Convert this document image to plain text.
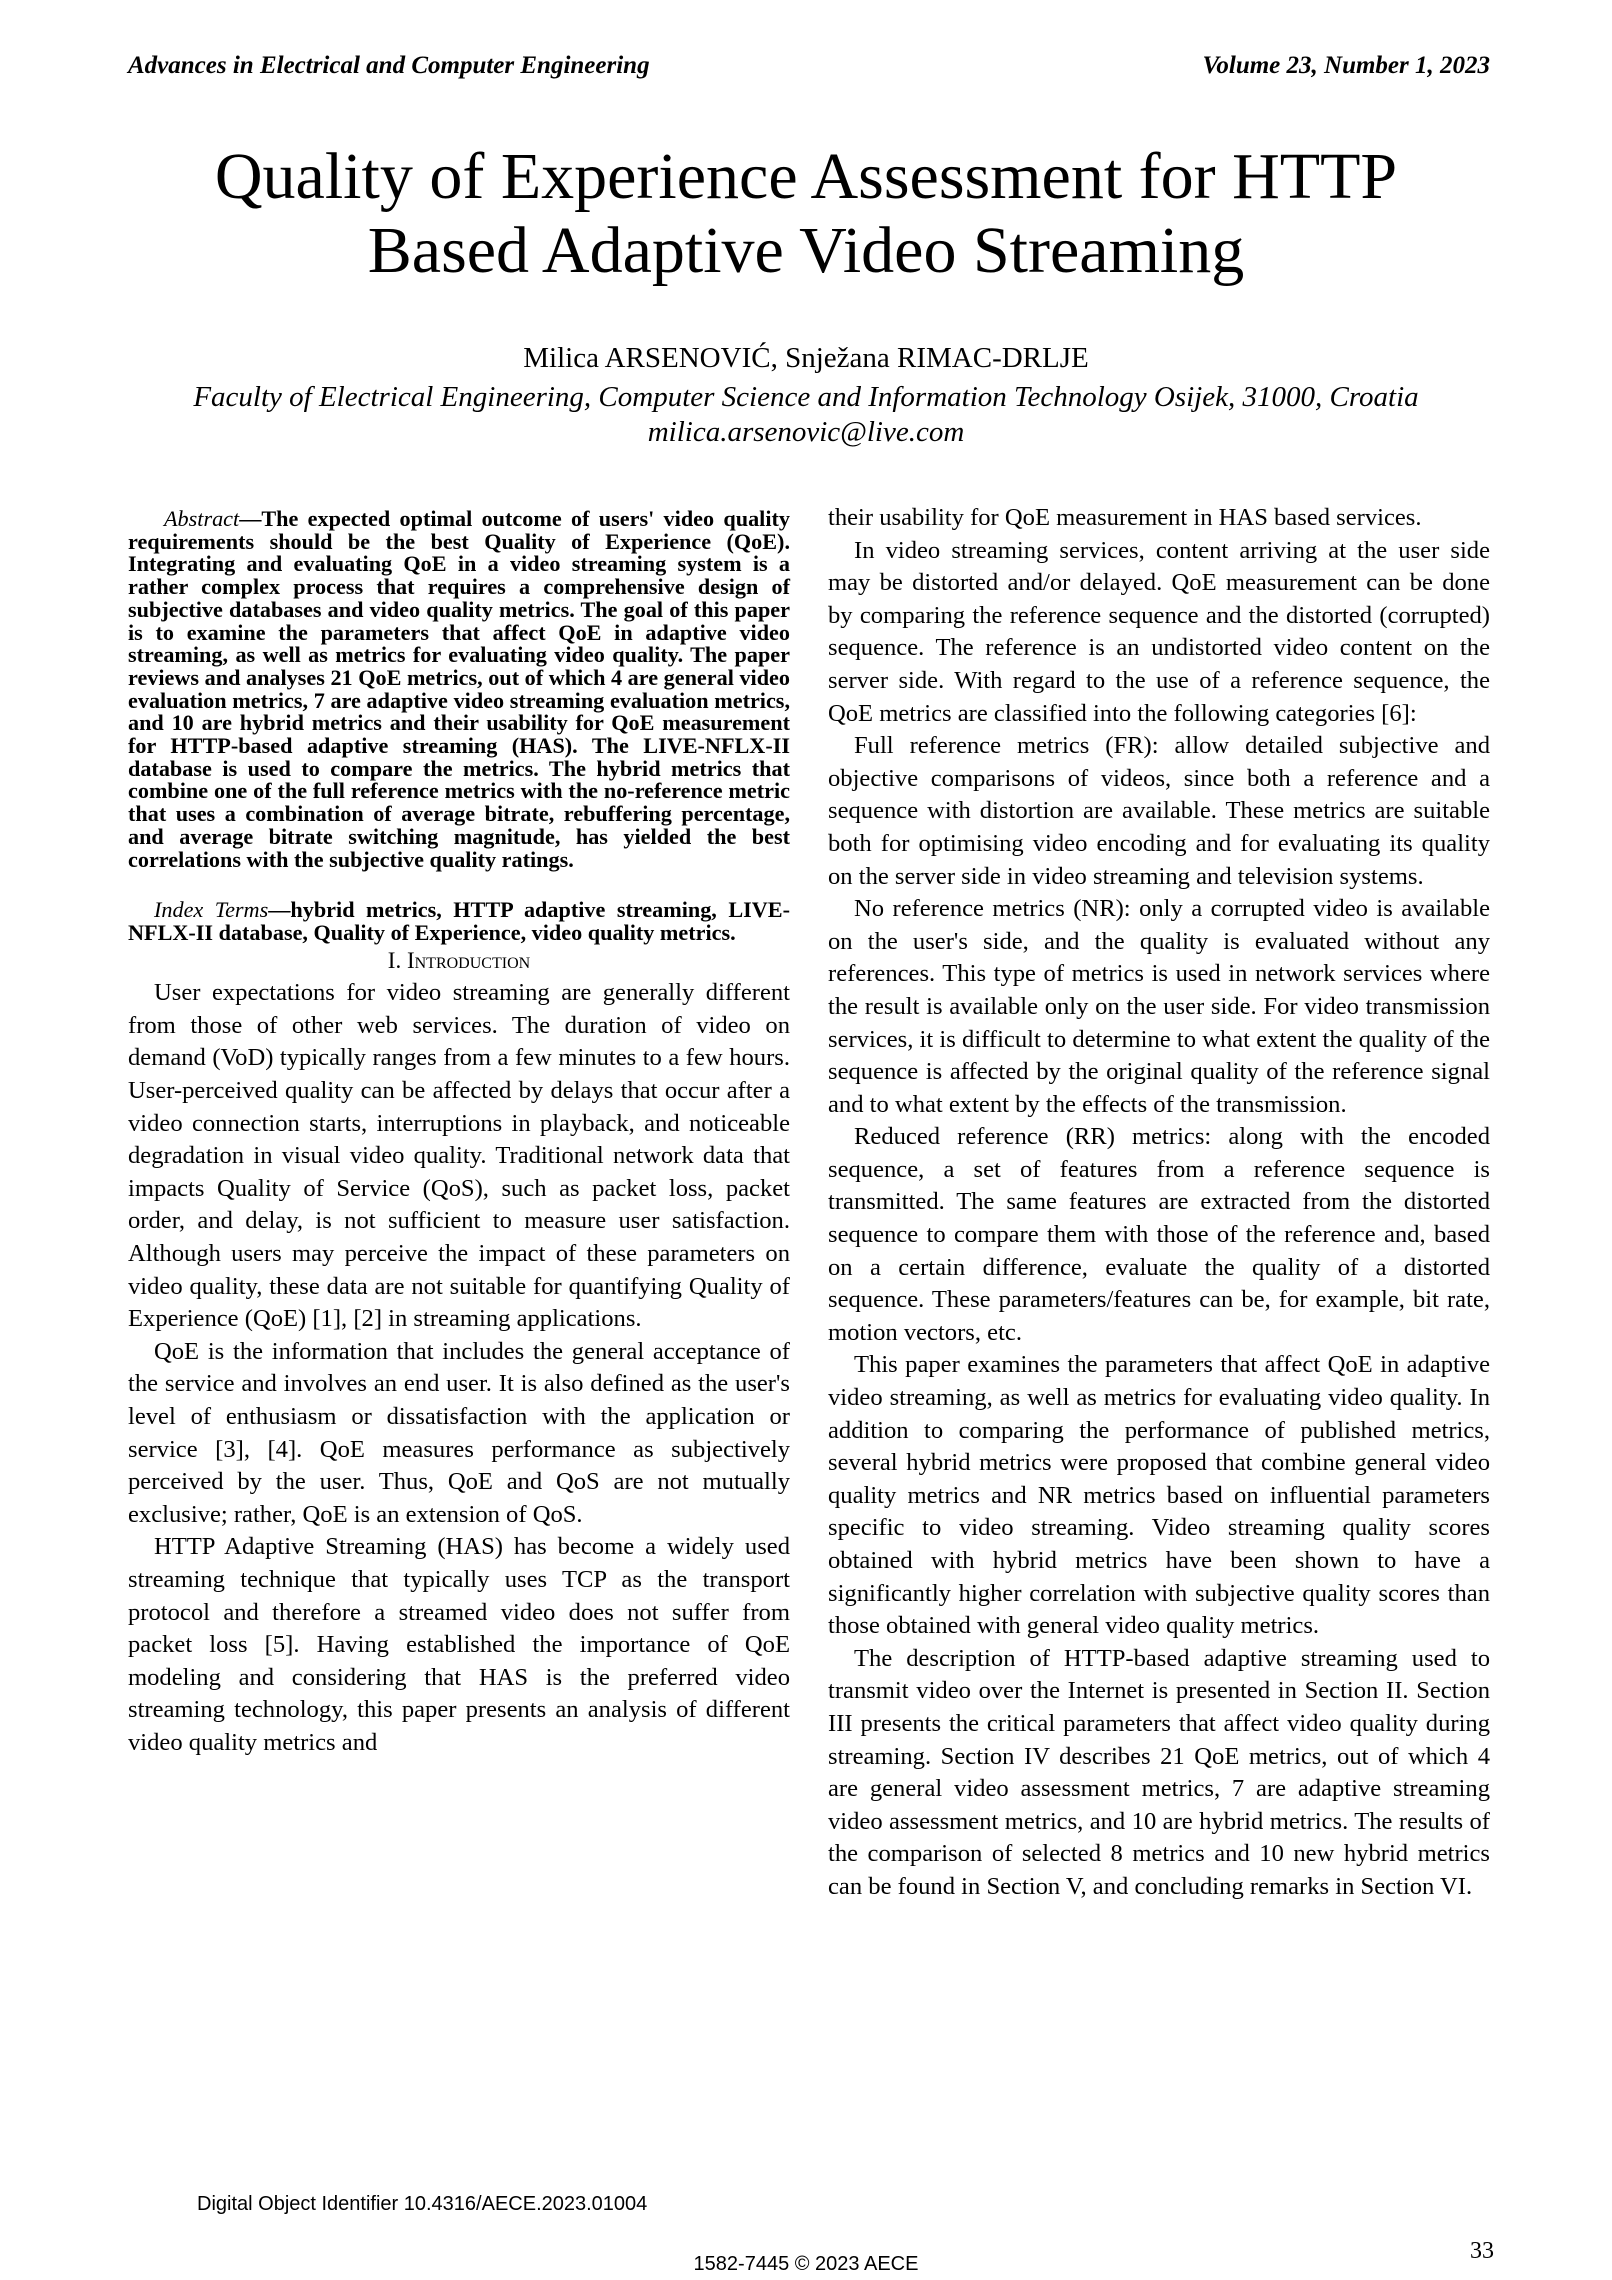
Advances in Electrical and Computer Engineering	Volume 23, Number 1, 2023
Quality of Experience Assessment for HTTP
Based Adaptive Video Streaming
Milica ARSENOVIĆ, Snježana RIMAC-DRLJE
Faculty of Electrical Engineering, Computer Science and Information Technology Osijek, 31000, Croatia
milica.arsenovic@live.com

Abstract—The expected optimal outcome of users' video quality requirements should be the best Quality of Experience (QoE). Integrating and evaluating QoE in a video streaming system is a rather complex process that requires a comprehensive design of subjective databases and video quality metrics. The goal of this paper is to examine the parameters that affect QoE in adaptive video streaming, as well as metrics for evaluating video quality. The paper reviews and analyses 21 QoE metrics, out of which 4 are general video evaluation metrics, 7 are adaptive video streaming evaluation metrics, and 10 are hybrid metrics and their usability for QoE measurement for HTTP-based adaptive streaming (HAS). The LIVE-NFLX-II database is used to compare the metrics. The hybrid metrics that combine one of the full reference metrics with the no-reference metric that uses a combination of average bitrate, rebuffering percentage, and average bitrate switching magnitude, has yielded the best correlations with the subjective quality ratings.

Index Terms—hybrid metrics, HTTP adaptive streaming, LIVE-NFLX-II database, Quality of Experience, video quality metrics.

I. Introduction

User expectations for video streaming are generally different from those of other web services. The duration of video on demand (VoD) typically ranges from a few minutes to a few hours. User-perceived quality can be affected by delays that occur after a video connection starts, interruptions in playback, and noticeable degradation in visual video quality. Traditional network data that impacts Quality of Service (QoS), such as packet loss, packet order, and delay, is not sufficient to measure user satisfaction. Although users may perceive the impact of these parameters on video quality, these data are not suitable for quantifying Quality of Experience (QoE) [1], [2] in streaming applications.

QoE is the information that includes the general acceptance of the service and involves an end user. It is also defined as the user's level of enthusiasm or dissatisfaction with the application or service [3], [4]. QoE measures performance as subjectively perceived by the user. Thus, QoE and QoS are not mutually exclusive; rather, QoE is an extension of QoS.

HTTP Adaptive Streaming (HAS) has become a widely used streaming technique that typically uses TCP as the transport protocol and therefore a streamed video does not suffer from packet loss [5]. Having established the importance of QoE modeling and considering that HAS is the preferred video streaming technology, this paper presents an analysis of different video quality metrics and

their usability for QoE measurement in HAS based services.

In video streaming services, content arriving at the user side may be distorted and/or delayed. QoE measurement can be done by comparing the reference sequence and the distorted (corrupted) sequence. The reference is an undistorted video content on the server side. With regard to the use of a reference sequence, the QoE metrics are classified into the following categories [6]:

Full reference metrics (FR): allow detailed subjective and objective comparisons of videos, since both a reference and a sequence with distortion are available. These metrics are suitable both for optimising video encoding and for evaluating its quality on the server side in video streaming and television systems.

No reference metrics (NR): only a corrupted video is available on the user's side, and the quality is evaluated without any references. This type of metrics is used in network services where the result is available only on the user side. For video transmission services, it is difficult to determine to what extent the quality of the sequence is affected by the original quality of the reference signal and to what extent by the effects of the transmission.

Reduced reference (RR) metrics: along with the encoded sequence, a set of features from a reference sequence is transmitted. The same features are extracted from the distorted sequence to compare them with those of the reference and, based on a certain difference, evaluate the quality of a distorted sequence. These parameters/features can be, for example, bit rate, motion vectors, etc.

This paper examines the parameters that affect QoE in adaptive video streaming, as well as metrics for evaluating video quality. In addition to comparing the performance of published metrics, several hybrid metrics were proposed that combine general video quality metrics and NR metrics based on influential parameters specific to video streaming. Video streaming quality scores obtained with hybrid metrics have been shown to have a significantly higher correlation with subjective quality scores than those obtained with general video quality metrics.

The description of HTTP-based adaptive streaming used to transmit video over the Internet is presented in Section II. Section III presents the critical parameters that affect video quality during streaming. Section IV describes 21 QoE metrics, out of which 4 are general video assessment metrics, 7 are adaptive streaming video assessment metrics, and 10 are hybrid metrics. The results of the comparison of selected 8 metrics and 10 new hybrid metrics can be found in Section V, and concluding remarks in Section VI.

Digital Object Identifier 10.4316/AECE.2023.01004
33
1582-7445 © 2023 AECE
